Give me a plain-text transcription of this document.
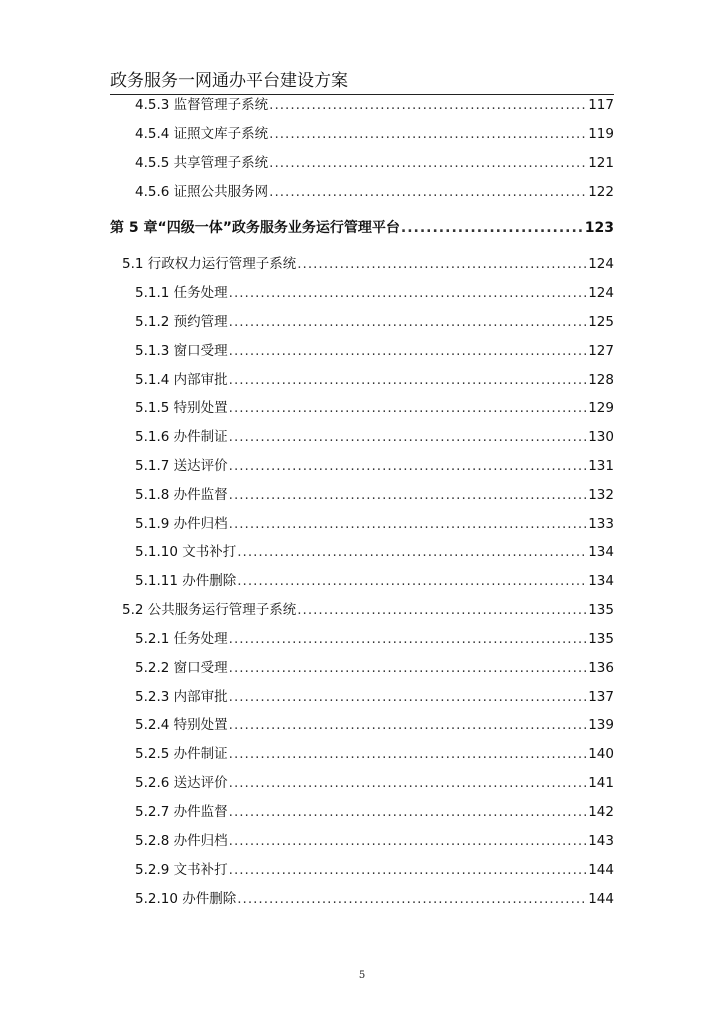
政务服务一网通办平台建设方案
4.5.3 监督管理子系统 .....	117
4.5.4 证照文库子系统 .....	119
4.5.5 共享管理子系统 .....	121
4.5.6 证照公共服务网 .....	122
第 5 章“四级一体”政务服务业务运行管理平台 .....	123
5.1 行政权力运行管理子系统 .....	124
5.1.1 任务处理 .....	124
5.1.2 预约管理 .....	125
5.1.3 窗口受理 .....	127
5.1.4 内部审批 .....	128
5.1.5 特别处置 .....	129
5.1.6 办件制证 .....	130
5.1.7 送达评价 .....	131
5.1.8 办件监督 .....	132
5.1.9 办件归档 .....	133
5.1.10 文书补打 .....	134
5.1.11 办件删除 .....	134
5.2 公共服务运行管理子系统 .....	135
5.2.1 任务处理 .....	135
5.2.2 窗口受理 .....	136
5.2.3 内部审批 .....	137
5.2.4 特别处置 .....	139
5.2.5 办件制证 .....	140
5.2.6 送达评价 .....	141
5.2.7 办件监督 .....	142
5.2.8 办件归档 .....	143
5.2.9 文书补打 .....	144
5.2.10 办件删除 .....	144
5
